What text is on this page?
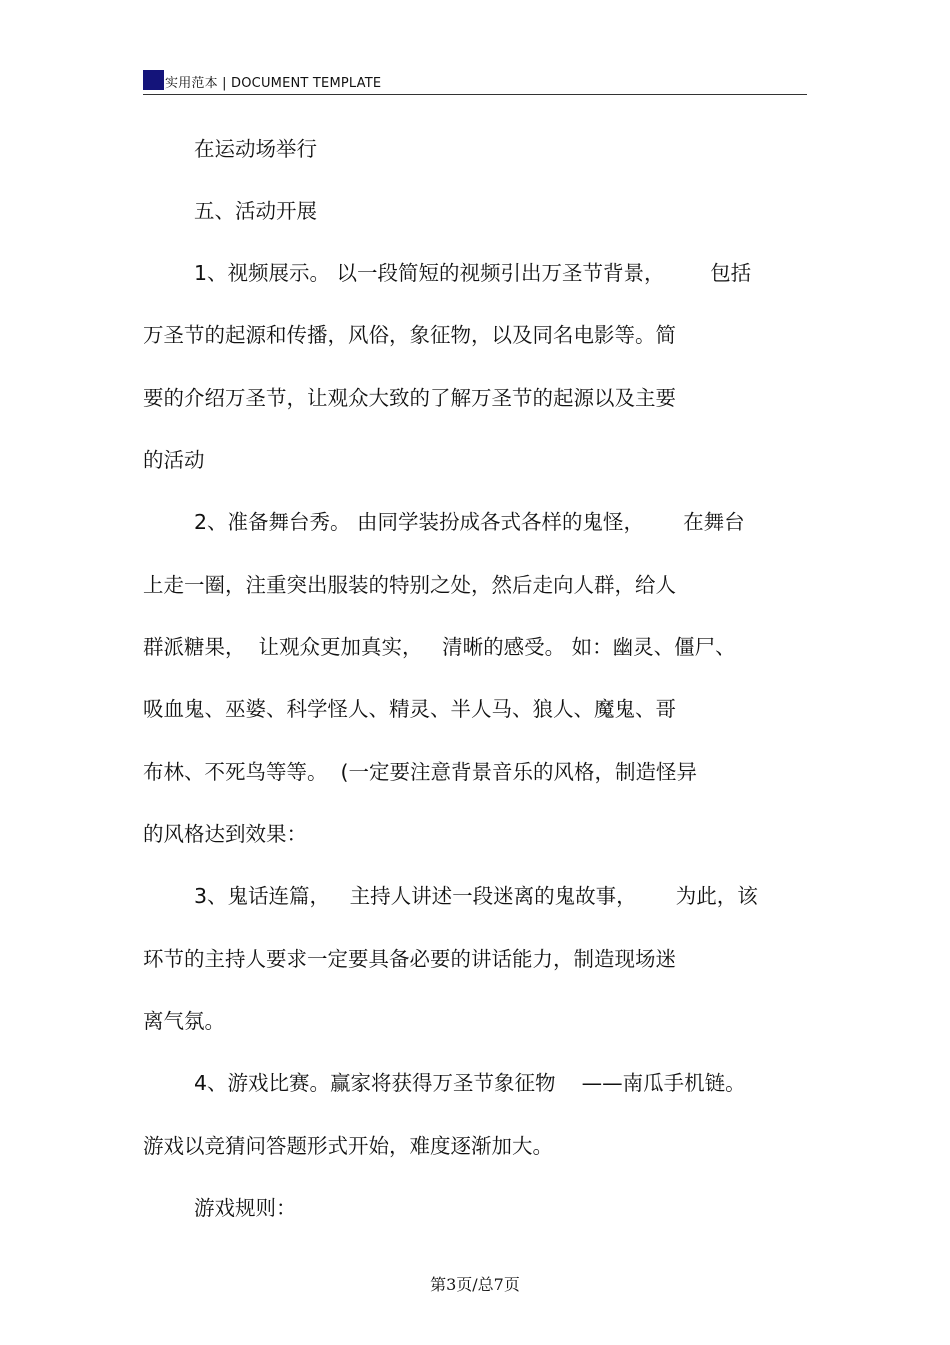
实用范本 | DOCUMENT TEMPLATE
在运动场举行
五、活动开展
1、视频展示。 以一段简短的视频引出万圣节背景，       包括
万圣节的起源和传播，风俗，象征物，以及同名电影等。简
要的介绍万圣节，让观众大致的了解万圣节的起源以及主要
的活动
2、准备舞台秀。 由同学装扮成各式各样的鬼怪，      在舞台
上走一圈，注重突出服装的特别之处，然后走向人群，给人
群派糖果，  让观众更加真实，   清晰的感受。 如：幽灵、僵尸、
吸血鬼、巫婆、科学怪人、精灵、半人马、狼人、魔鬼、哥
布林、不死鸟等等。  (一定要注意背景音乐的风格，制造怪异
的风格达到效果：
3、鬼话连篇，   主持人讲述一段迷离的鬼故事，      为此，该
环节的主持人要求一定要具备必要的讲话能力，制造现场迷
离气氛。
4、游戏比赛。赢家将获得万圣节象征物    ——南瓜手机链。
游戏以竞猜问答题形式开始，难度逐渐加大。
游戏规则：
第3页/总7页
